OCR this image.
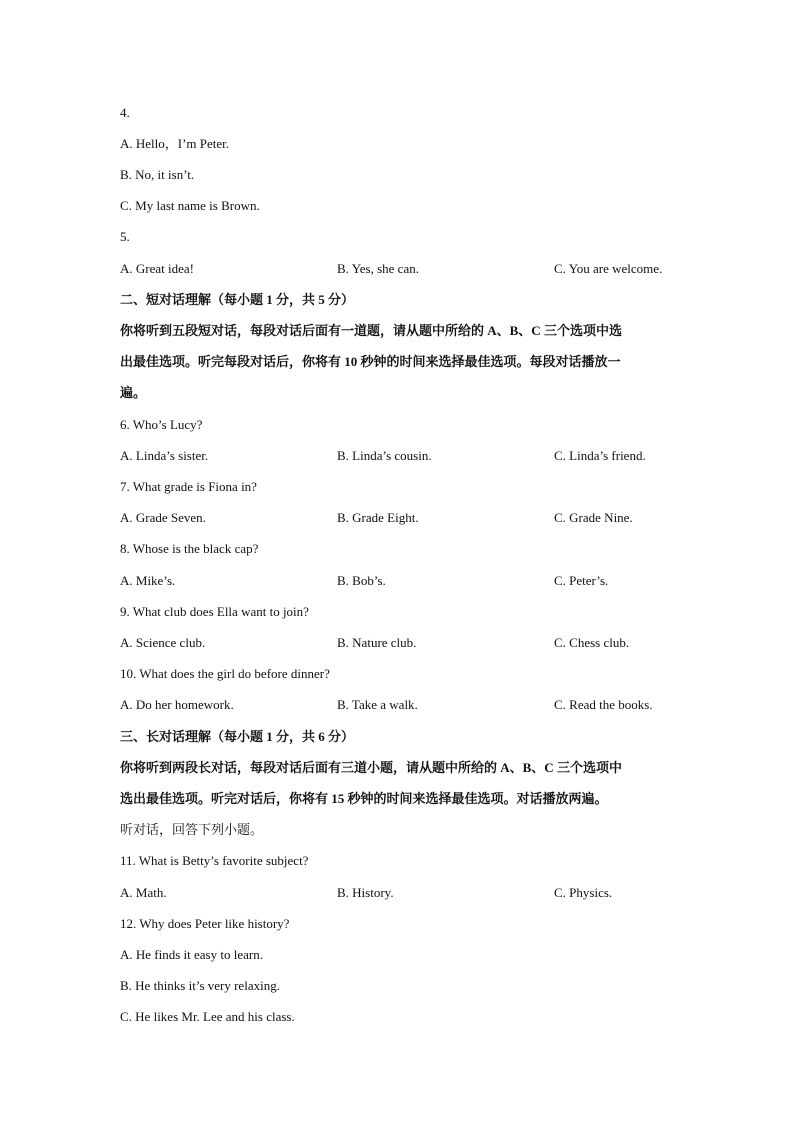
4.
A. Hello，I’m Peter.
B. No, it isn’t.
C. My last name is Brown.
5.
A. Great idea!	B. Yes, she can.	C. You are welcome.
二、短对话理解（每小题 1 分，共 5 分）
你将听到五段短对话，每段对话后面有一道题，请从题中所给的 A、B、C 三个选项中选
出最佳选项。听完每段对话后，你将有 10 秒钟的时间来选择最佳选项。每段对话播放一
遍。
6. Who’s Lucy?
A. Linda’s sister.	B. Linda’s cousin.	C. Linda’s friend.
7. What grade is Fiona in?
A. Grade Seven.	B. Grade Eight.	C. Grade Nine.
8. Whose is the black cap?
A. Mike’s.	B. Bob’s.	C. Peter’s.
9. What club does Ella want to join?
A. Science club.	B. Nature club.	C. Chess club.
10. What does the girl do before dinner?
A. Do her homework.	B. Take a walk.	C. Read the books.
三、长对话理解（每小题 1 分，共 6 分）
你将听到两段长对话，每段对话后面有三道小题，请从题中所给的 A、B、C 三个选项中
选出最佳选项。听完对话后，你将有 15 秒钟的时间来选择最佳选项。对话播放两遍。
听对话，回答下列小题。
11. What is Betty’s favorite subject?
A. Math.	B. History.	C. Physics.
12. Why does Peter like history?
A. He finds it easy to learn.
B. He thinks it’s very relaxing.
C. He likes Mr. Lee and his class.
